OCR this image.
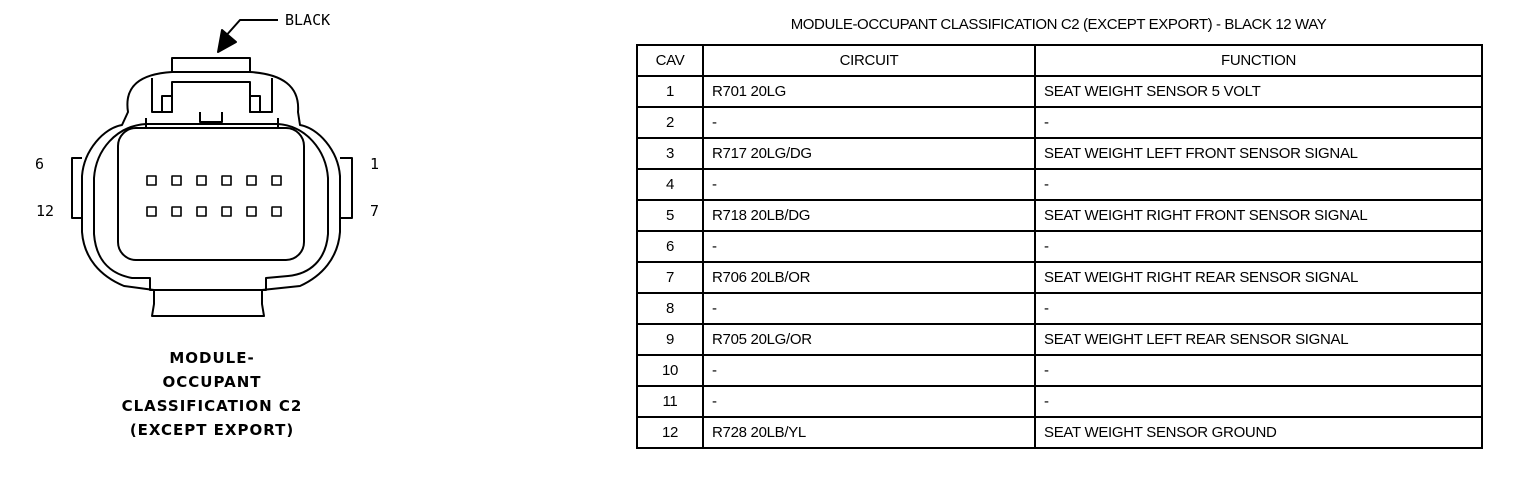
BLACK
6
12
1
7
MODULE-
OCCUPANT
CLASSIFICATION C2
(EXCEPT EXPORT)
MODULE-OCCUPANT CLASSIFICATION C2 (EXCEPT EXPORT) - BLACK 12 WAY
CAV	CIRCUIT	FUNCTION
1	R701 20LG	SEAT WEIGHT SENSOR 5 VOLT
2	-	-
3	R717 20LG/DG	SEAT WEIGHT LEFT FRONT SENSOR SIGNAL
4	-	-
5	R718 20LB/DG	SEAT WEIGHT RIGHT FRONT SENSOR SIGNAL
6	-	-
7	R706 20LB/OR	SEAT WEIGHT RIGHT REAR SENSOR SIGNAL
8	-	-
9	R705 20LG/OR	SEAT WEIGHT LEFT REAR SENSOR SIGNAL
10	-	-
11	-	-
12	R728 20LB/YL	SEAT WEIGHT SENSOR GROUND
